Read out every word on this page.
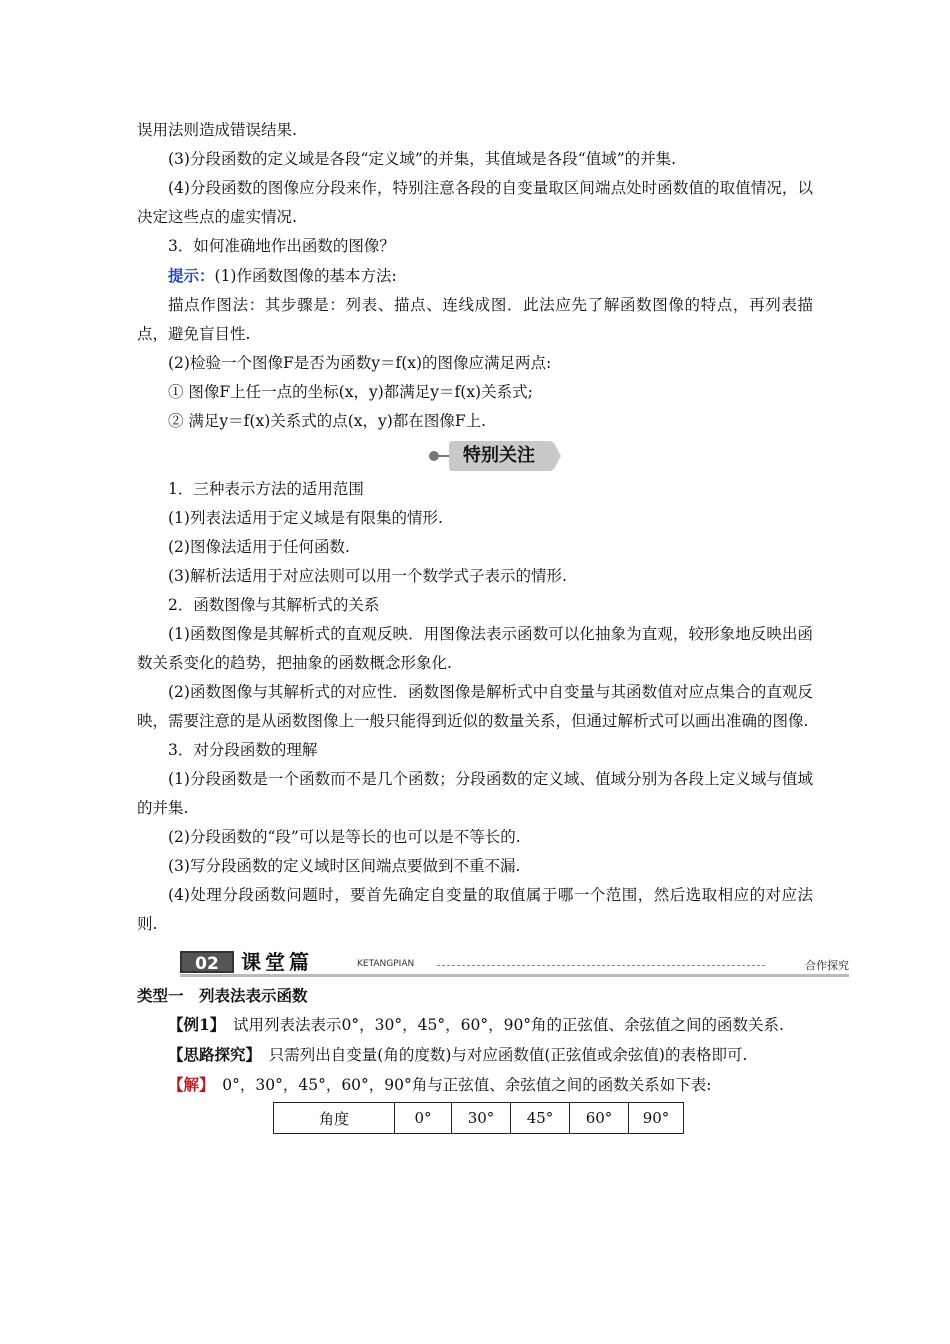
误用法则造成错误结果.

(3)分段函数的定义域是各段“定义域”的并集，其值域是各段“值域”的并集.

(4)分段函数的图像应分段来作，特别注意各段的自变量取区间端点处时函数值的取值情况，以决定这些点的虚实情况.

3．如何准确地作出函数的图像？

提示：(1)作函数图像的基本方法:

描点作图法：其步骤是：列表、描点、连线成图．此法应先了解函数图像的特点，再列表描点，避免盲目性.

(2)检验一个图像F是否为函数y＝f(x)的图像应满足两点:

① 图像F上任一点的坐标(x，y)都满足y＝f(x)关系式;

② 满足y＝f(x)关系式的点(x，y)都在图像F上.

特别关注

1．三种表示方法的适用范围

(1)列表法适用于定义域是有限集的情形.

(2)图像法适用于任何函数.

(3)解析法适用于对应法则可以用一个数学式子表示的情形.

2．函数图像与其解析式的关系

(1)函数图像是其解析式的直观反映．用图像法表示函数可以化抽象为直观，较形象地反映出函数关系变化的趋势，把抽象的函数概念形象化.

(2)函数图像与其解析式的对应性．函数图像是解析式中自变量与其函数值对应点集合的直观反映，需要注意的是从函数图像上一般只能得到近似的数量关系，但通过解析式可以画出准确的图像.

3．对分段函数的理解

(1)分段函数是一个函数而不是几个函数；分段函数的定义域、值域分别为各段上定义域与值域的并集.

(2)分段函数的“段”可以是等长的也可以是不等长的.

(3)写分段函数的定义域时区间端点要做到不重不漏.

(4)处理分段函数问题时，要首先确定自变量的取值属于哪一个范围，然后选取相应的对应法则.

02	课堂篇	KETANGPIAN	合作探究

类型一　列表法表示函数

【例1】　试用列表法表示0°，30°，45°，60°，90°角的正弦值、余弦值之间的函数关系.

【思路探究】　只需列出自变量(角的度数)与对应函数值(正弦值或余弦值)的表格即可.

【解】　0°，30°，45°，60°，90°角与正弦值、余弦值之间的函数关系如下表:

角度	0°	30°	45°	60°	90°
